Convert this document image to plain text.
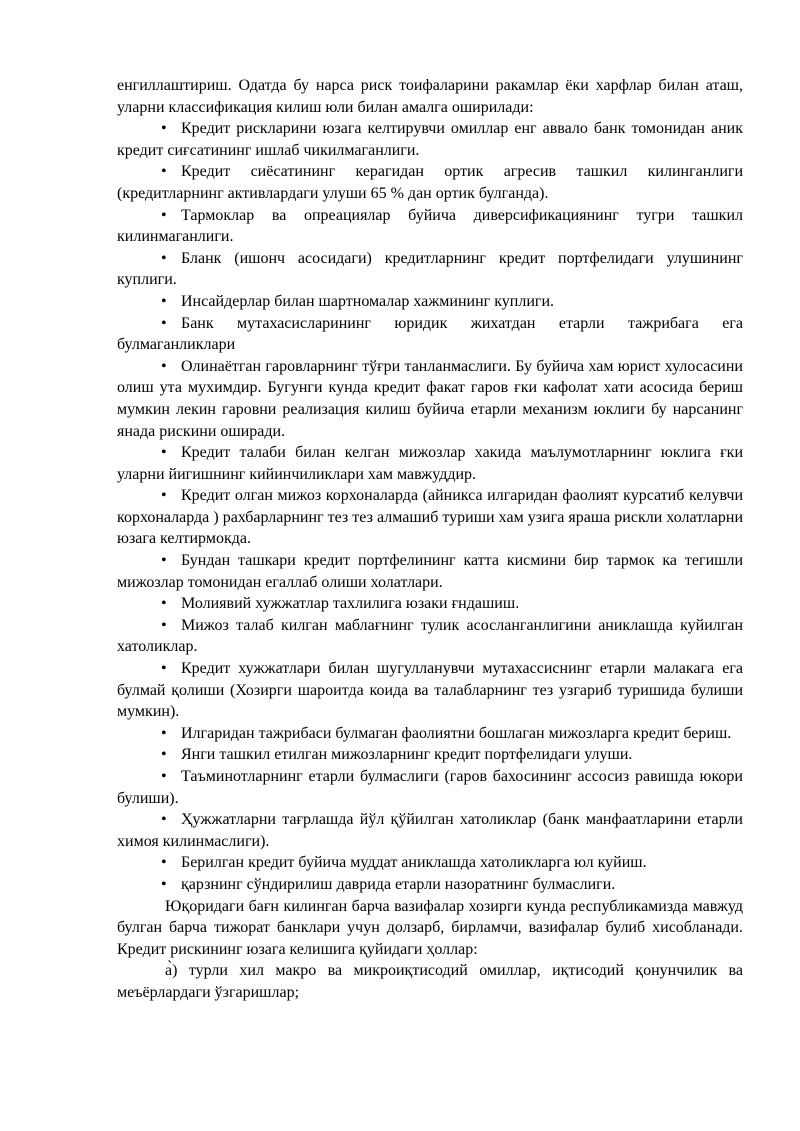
енгиллаштириш. Одатда бу нарса риск тоифаларини ракамлар ёки харфлар билан аташ, уларни классификация килиш юли билан амалга оширилади:

• Кредит рискларини юзага келтирувчи омиллар енг аввало банк томонидан аник кредит сиғсатининг ишлаб чикилмаганлиги.

• Кредит сиёсатининг керагидан ортик агресив ташкил килинганлиги (кредитларнинг активлардаги улуши 65 % дан ортик булганда).

• Тармоклар ва опреациялар буйича диверсификациянинг тугри ташкил килинмаганлиги.

• Бланк (ишонч асосидаги) кредитларнинг кредит портфелидаги улушининг куплиги.

• Инсайдерлар билан шартномалар хажмининг куплиги.

• Банк мутахасисларининг юридик жихатдан етарли тажрибага ега булмаганликлари

• Олинаётган гаровларнинг тўғри танланмаслиги. Бу буйича хам юрист хулосасини олиш ута мухимдир. Бугунги кунда кредит факат гаров ғки кафолат хати асосида бериш мумкин лекин гаровни реализация килиш буйича етарли механизм юклиги бу нарсанинг янада рискини оширади.

• Кредит талаби билан келган мижозлар хакида маълумотларнинг юклига ғки уларни йигишнинг кийинчиликлари хам мавжуддир.

• Кредит олган мижоз корхоналарда (айникса илгаридан фаолият курсатиб келувчи корхоналарда ) рахбарларнинг тез тез алмашиб туриши хам узига яраша рискли холатларни юзага келтирмокда.

• Бундан ташкари кредит портфелининг катта кисмини бир тармок ка тегишли мижозлар томонидан егаллаб олиши холатлари.

• Молиявий хужжатлар тахлилига юзаки ғндашиш.

• Мижоз талаб килган маблағнинг тулик асосланганлигини аниклашда куйилган хатоликлар.

• Кредит хужжатлари билан шугулланувчи мутахассиснинг етарли малакага ега булмай қолиши (Хозирги шароитда коида ва талабларнинг тез узгариб туришида булиши мумкин).

• Илгаридан тажрибаси булмаган фаолиятни бошлаган мижозларга кредит бериш.

• Янги ташкил етилган мижозларнинг кредит портфелидаги улуши.

• Таъминотларнинг етарли булмаслиги (гаров бахосининг ассосиз равишда юкори булиши).

• Ҳужжатларни тағрлашда йўл қўйилган хатоликлар (банк манфаатларини етарли химоя килинмаслиги).

• Берилган кредит буйича муддат аниклашда хатоликларга юл куйиш.

• қарзнинг сўндирилиш даврида етарли назоратнинг булмаслиги.

Юқоридаги бағн килинган барча вазифалар хозирги кунда республикамизда мавжуд булган барча тижорат банклари учун долзарб, бирламчи, вазифалар булиб хисобланади. Кредит рискининг юзага келишига қуйидаги ҳоллар:

а̀) турли хил макро ва микроиқтисодий омиллар, иқтисодий қонунчилик ва меъёрлардаги ўзгаришлар;
